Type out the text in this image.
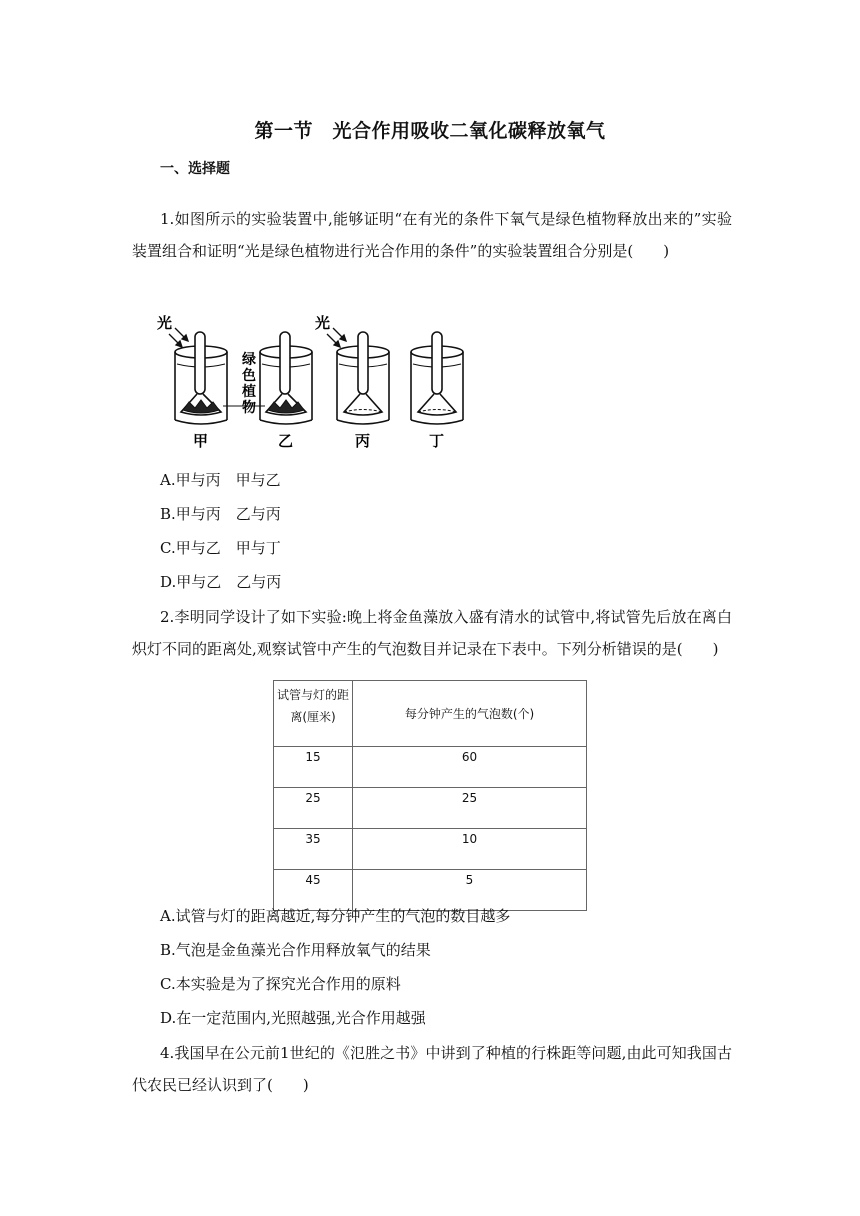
第一节　光合作用吸收二氧化碳释放氧气
一、选择题
1.如图所示的实验装置中,能够证明“在有光的条件下氧气是绿色植物释放出来的”实验装置组合和证明“光是绿色植物进行光合作用的条件”的实验装置组合分别是(　　)
光	光
绿色植物
甲	乙	丙	丁
A.甲与丙　甲与乙
B.甲与丙　乙与丙
C.甲与乙　甲与丁
D.甲与乙　乙与丙
2.李明同学设计了如下实验:晚上将金鱼藻放入盛有清水的试管中,将试管先后放在离白炽灯不同的距离处,观察试管中产生的气泡数目并记录在下表中。下列分析错误的是(　　)
试管与灯的距离(厘米)	每分钟产生的气泡数(个)
15	60
25	25
35	10
45	5
A.试管与灯的距离越近,每分钟产生的气泡的数目越多
B.气泡是金鱼藻光合作用释放氧气的结果
C.本实验是为了探究光合作用的原料
D.在一定范围内,光照越强,光合作用越强
4.我国早在公元前1世纪的《氾胜之书》中讲到了种植的行株距等问题,由此可知我国古代农民已经认识到了(　　)
